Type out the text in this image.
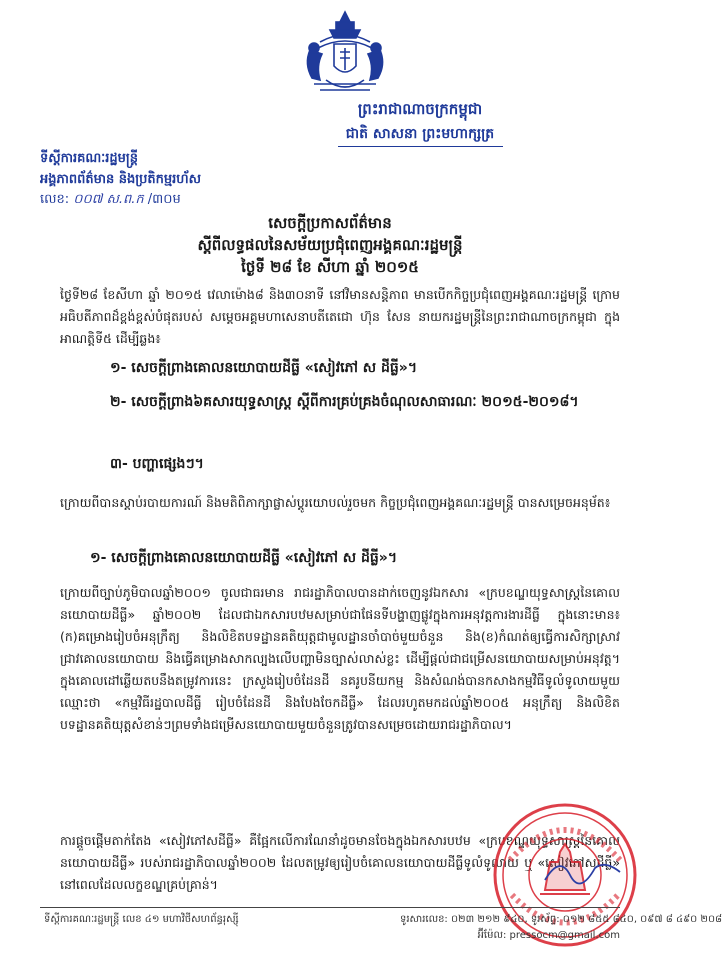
ព្រះរាជាណាចក្រកម្ពុជា
ជាតិ សាសនា ព្រះមហាក្សត្រ
ទីស្ដីការគណៈរដ្ឋមន្ត្រី
អង្គភាពព័ត៌មាន និងប្រតិកម្មរហ័ស
លេខ: ០០៧ ស.ព.ក /៣០ម
សេចក្ដីប្រកាសព័ត៌មាន
ស្ដីពីលទ្ធផលនៃសម័យប្រជុំពេញអង្គគណៈរដ្ឋមន្ត្រី
ថ្ងៃទី ២៨ ខែ សីហា ឆ្នាំ ២០១៥
ថ្ងៃទី២៨ ខែសីហា ឆ្នាំ ២០១៥ វេលាម៉ោង៨ និង៣០នាទី នៅវិមានសន្តិភាព មានបើកកិច្ចប្រជុំពេញអង្គគណៈរដ្ឋមន្ត្រី ក្រោមអធិបតីភាពដ៏ខ្ពង់ខ្ពស់បំផុតរបស់ សម្ដេចអគ្គមហាសេនាបតីតេជោ ហ៊ុន សែន នាយករដ្ឋមន្ត្រីនៃព្រះរាជាណាចក្រកម្ពុជា ក្នុងអាណត្តិទី៥ ដើម្បីឆ្លង៖
១- សេចក្ដីព្រាងគោលនយោបាយដីធ្លី «សៀវភៅ ស ដីធ្លី»។
២- សេចក្ដីព្រាង៦គសារយុទ្ធសាស្ត្រ ស្ដីពីការគ្រប់គ្រងចំណុលសាធារណៈ ២០១៥-២០១៨។
៣- បញ្ហាផ្សេងៗ។
ក្រោយពីបានស្ដាប់របាយការណ៍ និងមតិពិភាក្សាផ្លាស់ប្ដូរយោបល់រួចមក កិច្ចប្រជុំពេញអង្គគណៈរដ្ឋមន្ត្រី បានសម្រេចអនុម័ត៖
១- សេចក្ដីព្រាងគោលនយោបាយដីធ្លី «សៀវភៅ ស ដីធ្លី»។
ក្រោយពីច្បាប់ភូមិបាលឆ្នាំ២០០១ ចូលជាធរមាន រាជរដ្ឋាភិបាលបានដាក់ចេញនូវឯកសារ «ក្របខណ្ឌយុទ្ធសាស្ត្រនៃគោលនយោបាយដីធ្លី» ឆ្នាំ២០០២ ដែលជាឯកសារបឋមសម្រាប់ជាផែនទីបង្ហាញផ្លូវក្នុងការអនុវត្តការងារដីធ្លី ក្នុងនោះមាន៖ (ក)គម្រោងរៀបចំអនុក្រឹត្យ និងលិខិតបទដ្ឋានគតិយុត្តជាមូលដ្ឋានចាំបាច់មួយចំនួន និង(ខ)កំណត់ឲ្យធ្វើការសិក្សាស្រាវជ្រាវគោលនយោបាយ និងធ្វើគម្រោងសាកល្បងលើបញ្ហាមិនច្បាស់លាស់ខ្លះ ដើម្បីផ្ដល់ជាជម្រើសនយោបាយសម្រាប់អនុវត្ត។ ក្នុងគោលដៅឆ្លើយតបនឹងតម្រូវការនេះ ក្រសួងរៀបចំដែនដី នគរូបនីយកម្ម និងសំណង់បានកសាងកម្មវិធីទូលំទូលាយមួយឈ្មោះថា «កម្មវិធីរដ្ឋបាលដីធ្លី រៀបចំដែនដី និងបែងចែកដីធ្លី» ដែលរហូតមកដល់ឆ្នាំ២០០៥ អនុក្រឹត្យ និងលិខិតបទដ្ឋានគតិយុត្តសំខាន់ៗព្រមទាំងជម្រើសនយោបាយមួយចំនួនត្រូវបានសម្រេចដោយរាជរដ្ឋាភិបាល។
ការផ្ដួចផ្ដើមតាក់តែង «សៀវភៅសដីធ្លី» គឺផ្អែកលើការណែនាំដូចមានចែងក្នុងឯកសារបឋម «ក្របខណ្ឌយុទ្ធសាស្ត្រនៃគោលនយោបាយដីធ្លី» របស់រាជរដ្ឋាភិបាលឆ្នាំ២០០២ ដែលតម្រូវឲ្យរៀបចំគោលនយោបាយដីធ្លីទូលំទូលាយ ឬ «សៀវភៅសដីធ្លី» នៅពេលដែលលក្ខខណ្ឌគ្រប់គ្រាន់។
ទីស្ដីការគណៈរដ្ឋមន្ត្រី លេខ ៤១ មហាវិថីសហព័ន្ធរុស្ស៊ី	ទូរសារលេខ: ០២៣ ២១២ ៩៤០, ទូរស័ព្ទ: ០១២ ៨៥៥ ៨៤០, ០៩៧ ៨ ៤៩០ ២០៨
អ៊ីម៉ែល: pressocm@gmail.com
